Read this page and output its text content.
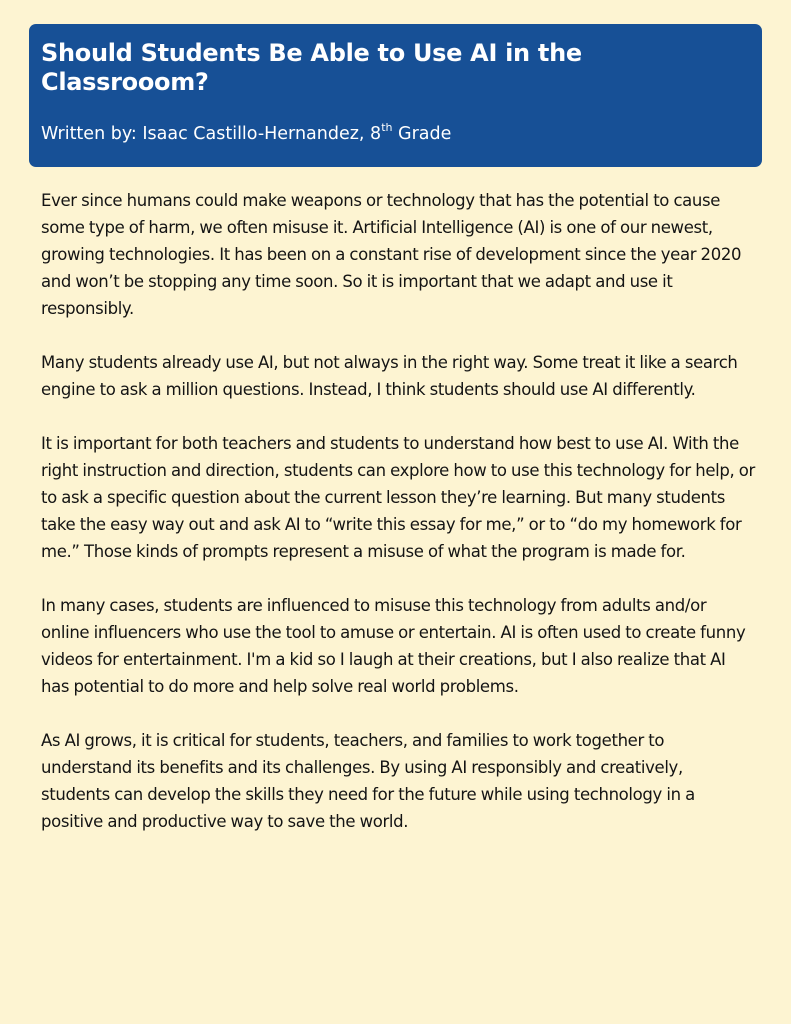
Should Students Be Able to Use AI in the Classrooom?
Written by: Isaac Castillo-Hernandez, 8th Grade

Ever since humans could make weapons or technology that has the potential to cause some type of harm, we often misuse it. Artificial Intelligence (AI) is one of our newest, growing technologies. It has been on a constant rise of development since the year 2020 and won’t be stopping any time soon. So it is important that we adapt and use it responsibly.

Many students already use AI, but not always in the right way. Some treat it like a search engine to ask a million questions. Instead, I think students should use AI differently.

It is important for both teachers and students to understand how best to use AI. With the right instruction and direction, students can explore how to use this technology for help, or to ask a specific question about the current lesson they’re learning. But many students take the easy way out and ask AI to “write this essay for me,” or to “do my homework for me.” Those kinds of prompts represent a misuse of what the program is made for.

In many cases, students are influenced to misuse this technology from adults and/or online influencers who use the tool to amuse or entertain. AI is often used to create funny videos for entertainment. I'm a kid so I laugh at their creations, but I also realize that AI has potential to do more and help solve real world problems.

As AI grows, it is critical for students, teachers, and families to work together to understand its benefits and its challenges. By using AI responsibly and creatively, students can develop the skills they need for the future while using technology in a positive and productive way to save the world.
